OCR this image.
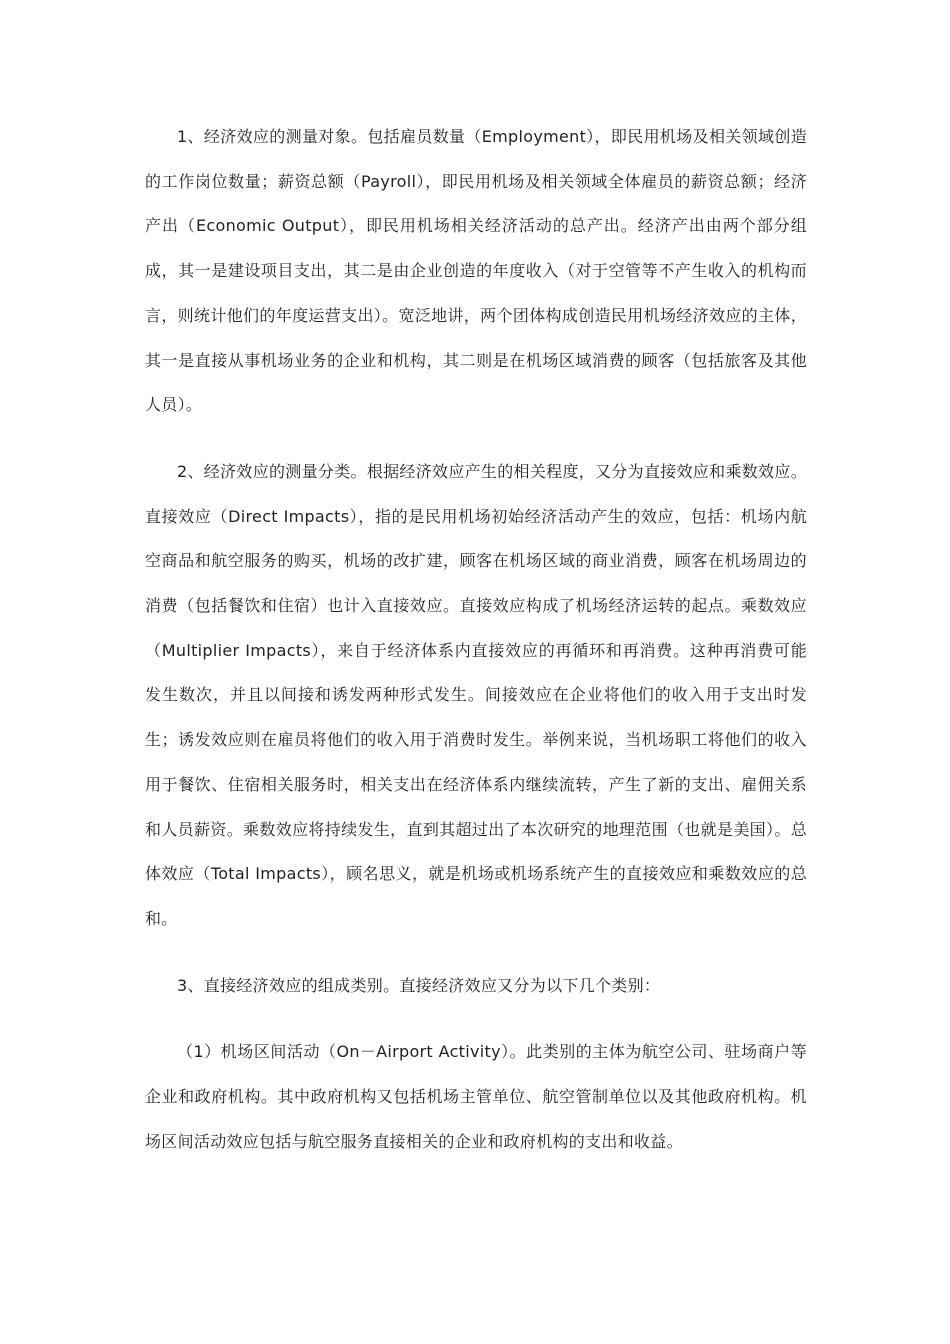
1、经济效应的测量对象。包括雇员数量（Employment），即民用机场及相关领域创造的工作岗位数量；薪资总额（Payroll），即民用机场及相关领域全体雇员的薪资总额；经济产出（Economic Output），即民用机场相关经济活动的总产出。经济产出由两个部分组成，其一是建设项目支出，其二是由企业创造的年度收入（对于空管等不产生收入的机构而言，则统计他们的年度运营支出）。宽泛地讲，两个团体构成创造民用机场经济效应的主体，其一是直接从事机场业务的企业和机构，其二则是在机场区域消费的顾客（包括旅客及其他人员）。

2、经济效应的测量分类。根据经济效应产生的相关程度，又分为直接效应和乘数效应。直接效应（Direct Impacts），指的是民用机场初始经济活动产生的效应，包括：机场内航空商品和航空服务的购买，机场的改扩建，顾客在机场区域的商业消费，顾客在机场周边的消费（包括餐饮和住宿）也计入直接效应。直接效应构成了机场经济运转的起点。乘数效应（Multiplier Impacts），来自于经济体系内直接效应的再循环和再消费。这种再消费可能发生数次，并且以间接和诱发两种形式发生。间接效应在企业将他们的收入用于支出时发生；诱发效应则在雇员将他们的收入用于消费时发生。举例来说，当机场职工将他们的收入用于餐饮、住宿相关服务时，相关支出在经济体系内继续流转，产生了新的支出、雇佣关系和人员薪资。乘数效应将持续发生，直到其超过出了本次研究的地理范围（也就是美国）。总体效应（Total Impacts），顾名思义，就是机场或机场系统产生的直接效应和乘数效应的总和。

3、直接经济效应的组成类别。直接经济效应又分为以下几个类别：

（1）机场区间活动（On－Airport Activity）。此类别的主体为航空公司、驻场商户等企业和政府机构。其中政府机构又包括机场主管单位、航空管制单位以及其他政府机构。机场区间活动效应包括与航空服务直接相关的企业和政府机构的支出和收益。
